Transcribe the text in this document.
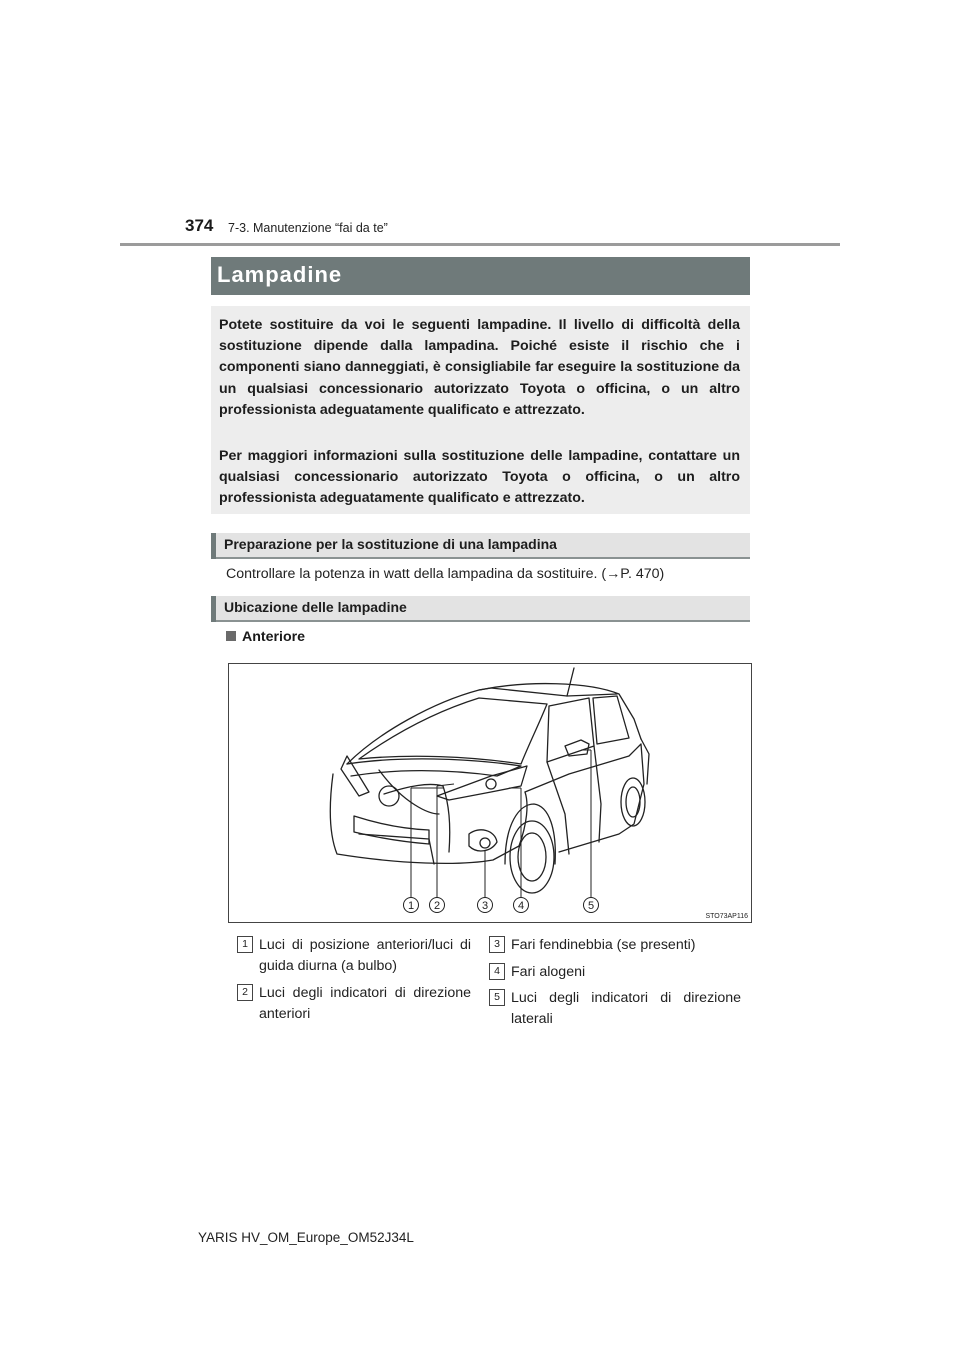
374 7-3. Manutenzione “fai da te”
Lampadine

Potete sostituire da voi le seguenti lampadine. Il livello di difficoltà della sostituzione dipende dalla lampadina. Poiché esiste il rischio che i componenti siano danneggiati, è consigliabile far eseguire la sostituzione da un qualsiasi concessionario autorizzato Toyota o officina, o un altro professionista adeguatamente qualificato e attrezzato.

Per maggiori informazioni sulla sostituzione delle lampadine, contattare un qualsiasi concessionario autorizzato Toyota o officina, o un altro professionista adeguatamente qualificato e attrezzato.

Preparazione per la sostituzione di una lampadina
Controllare la potenza in watt della lampadina da sostituire. (→P. 470)
Ubicazione delle lampadine
Anteriore
1 2	3	4	5
STO73AP116
1 Luci di posizione anteriori/luci di guida diurna (a bulbo)
2 Luci degli indicatori di direzione anteriori
3 Fari fendinebbia (se presenti)
4 Fari alogeni
5 Luci degli indicatori di direzione laterali
YARIS HV_OM_Europe_OM52J34L
